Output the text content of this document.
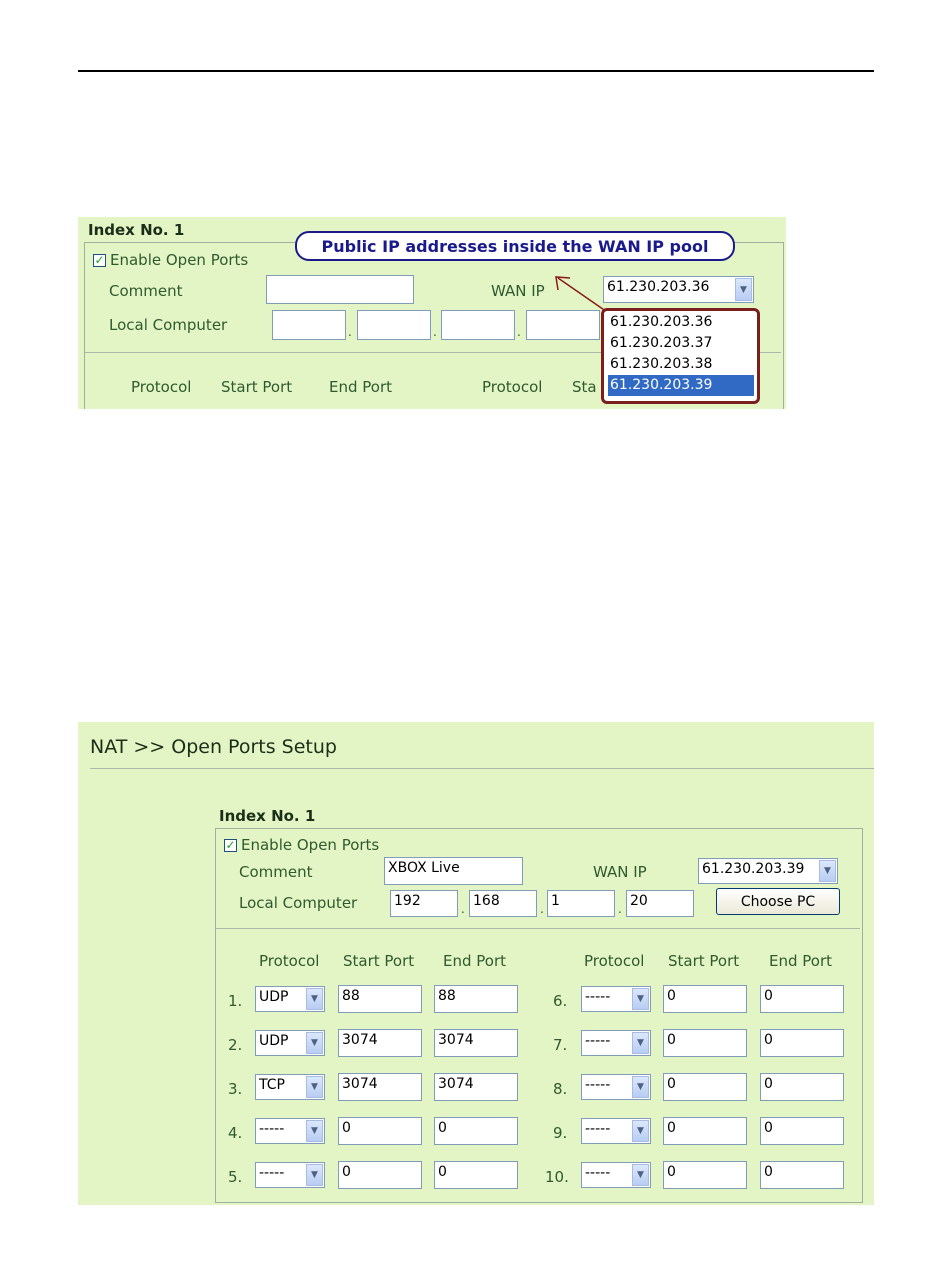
Index No. 1
✓ Enable Open Ports
Comment	WAN IP	61.230.203.36	▼
Local Computer	.	.	.
Protocol Start Port End Port	Protocol Sta
Public IP addresses inside the WAN IP pool
61.230.203.36
61.230.203.37
61.230.203.38
61.230.203.39
NAT >> Open Ports Setup
Index No. 1
✓ Enable Open Ports
Comment	XBOX Live	WAN IP	61.230.203.39	▼
Local Computer	192	. 168	. 1	. 20	Choose PC
Protocol Start Port End Port	Protocol Start Port End Port
1. UDP	▼	88	88
2. UDP	▼	3074	3074
3. TCP	▼	3074	3074
4. -----	▼	0	0
5. -----	▼	0	0
6. -----	▼	0	0
7. -----	▼	0	0
8. -----	▼	0	0
9. -----	▼	0	0
10. -----	▼	0	0
